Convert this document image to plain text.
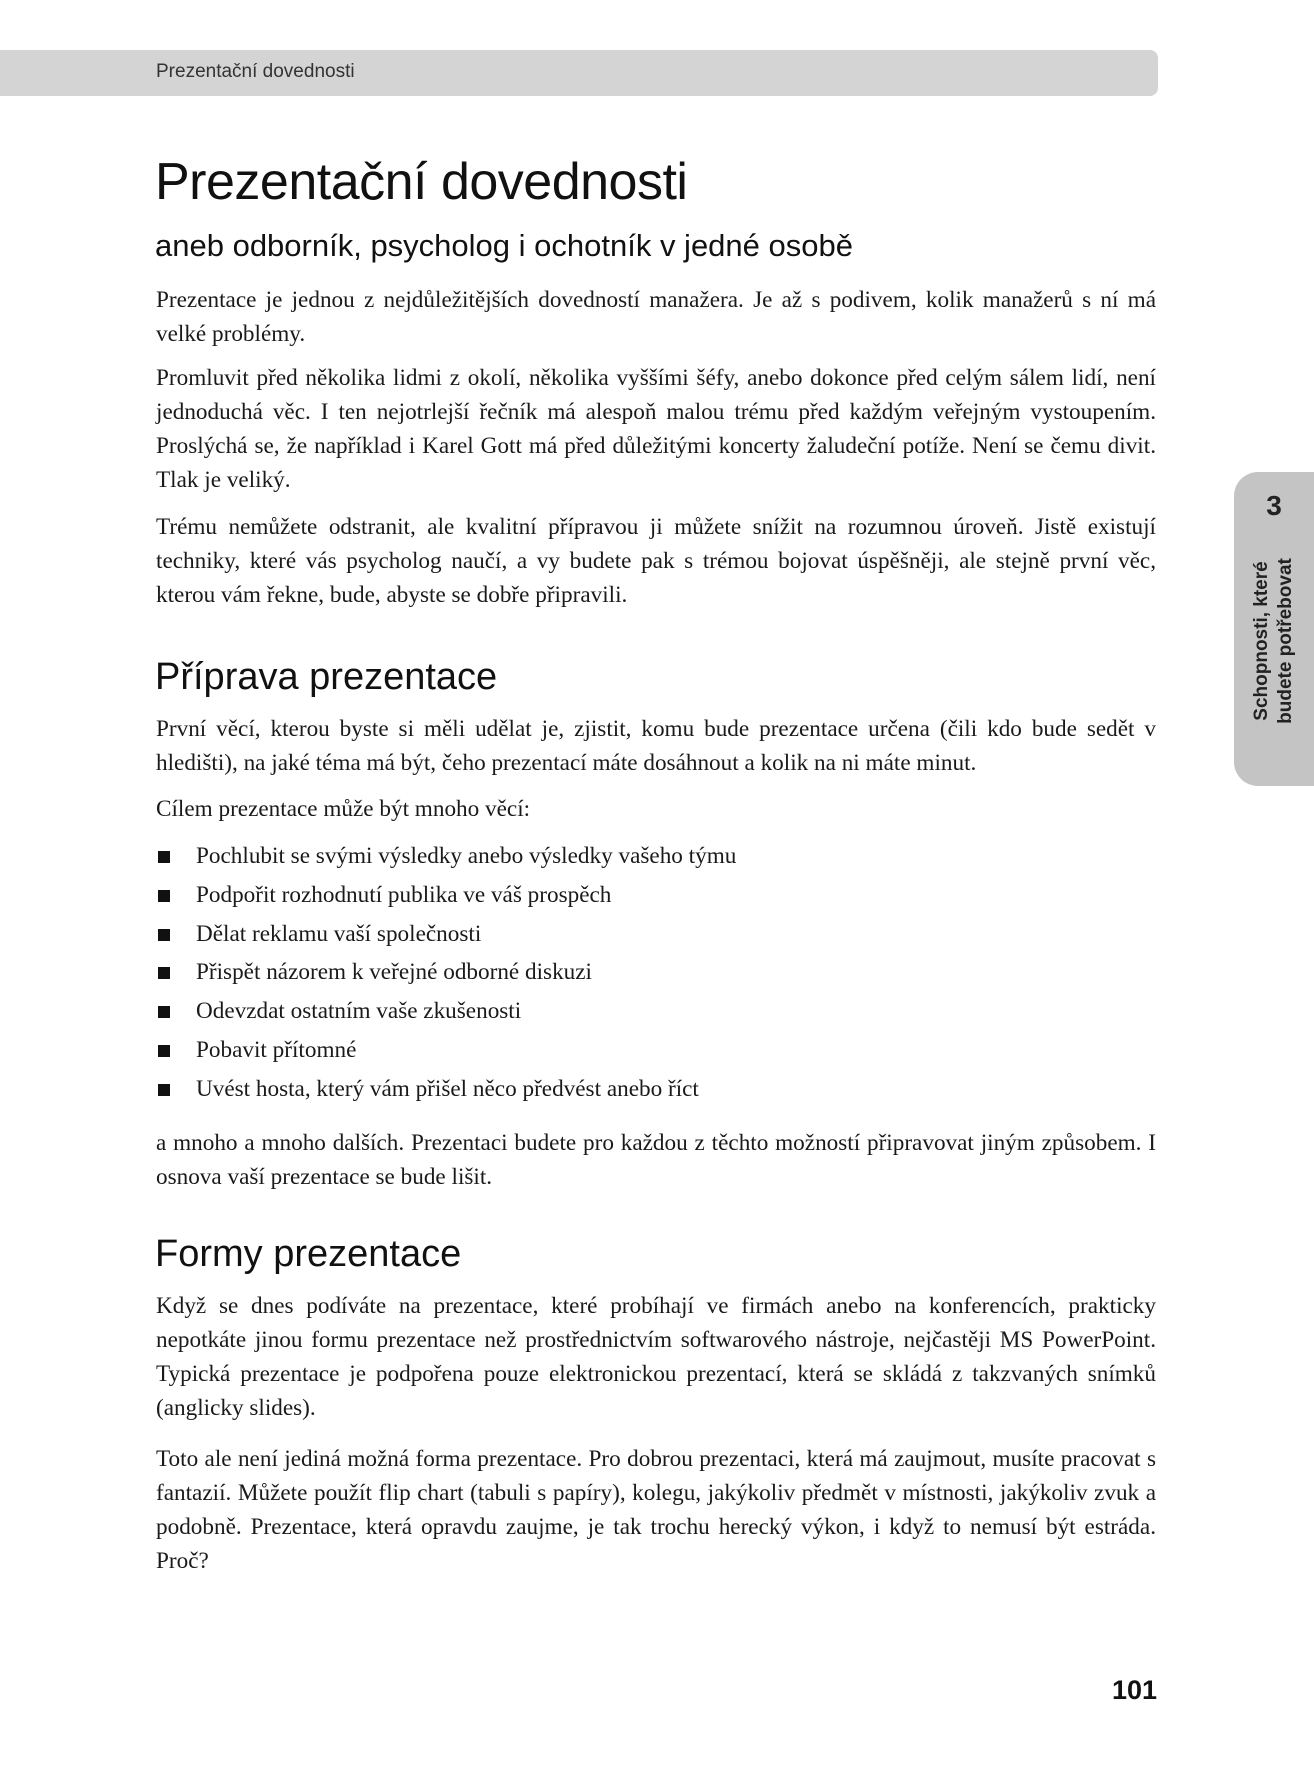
Prezentační dovednosti
Prezentační dovednosti
aneb odborník, psycholog i ochotník v jedné osobě

Prezentace je jednou z nejdůležitějších dovedností manažera. Je až s podivem, kolik manažerů s ní má velké problémy.

Promluvit před několika lidmi z okolí, několika vyššími šéfy, anebo dokonce před celým sálem lidí, není jednoduchá věc. I ten nejotrlejší řečník má alespoň malou trému před každým veřejným vystoupením. Proslýchá se, že například i Karel Gott má před důležitými koncerty žaludeční potíže. Není se čemu divit. Tlak je veliký.

Trému nemůžete odstranit, ale kvalitní přípravou ji můžete snížit na rozumnou úroveň. Jistě existují techniky, které vás psycholog naučí, a vy budete pak s trémou bojovat úspěšněji, ale stejně první věc, kterou vám řekne, bude, abyste se dobře připravili.

Příprava prezentace

První věcí, kterou byste si měli udělat je, zjistit, komu bude prezentace určena (čili kdo bude sedět v hledišti), na jaké téma má být, čeho prezentací máte dosáhnout a kolik na ni máte minut.

Cílem prezentace může být mnoho věcí:

Pochlubit se svými výsledky anebo výsledky vašeho týmu
Podpořit rozhodnutí publika ve váš prospěch
Dělat reklamu vaší společnosti
Přispět názorem k veřejné odborné diskuzi
Odevzdat ostatním vaše zkušenosti
Pobavit přítomné
Uvést hosta, který vám přišel něco předvést anebo říct

a mnoho a mnoho dalších. Prezentaci budete pro každou z těchto možností připravovat jiným způsobem. I osnova vaší prezentace se bude lišit.

Formy prezentace

Když se dnes podíváte na prezentace, které probíhají ve firmách anebo na konferencích, prakticky nepotkáte jinou formu prezentace než prostřednictvím softwarového nástroje, nejčastěji MS PowerPoint. Typická prezentace je podpořena pouze elektronickou prezentací, která se skládá z takzvaných snímků (anglicky slides).

Toto ale není jediná možná forma prezentace. Pro dobrou prezentaci, která má zaujmout, musíte pracovat s fantazií. Můžete použít flip chart (tabuli s papíry), kolegu, jakýkoliv předmět v místnosti, jakýkoliv zvuk a podobně. Prezentace, která opravdu zaujme, je tak trochu herecký výkon, i když to nemusí být estráda. Proč?

3
Schopnosti, které budete potřebovat
101
